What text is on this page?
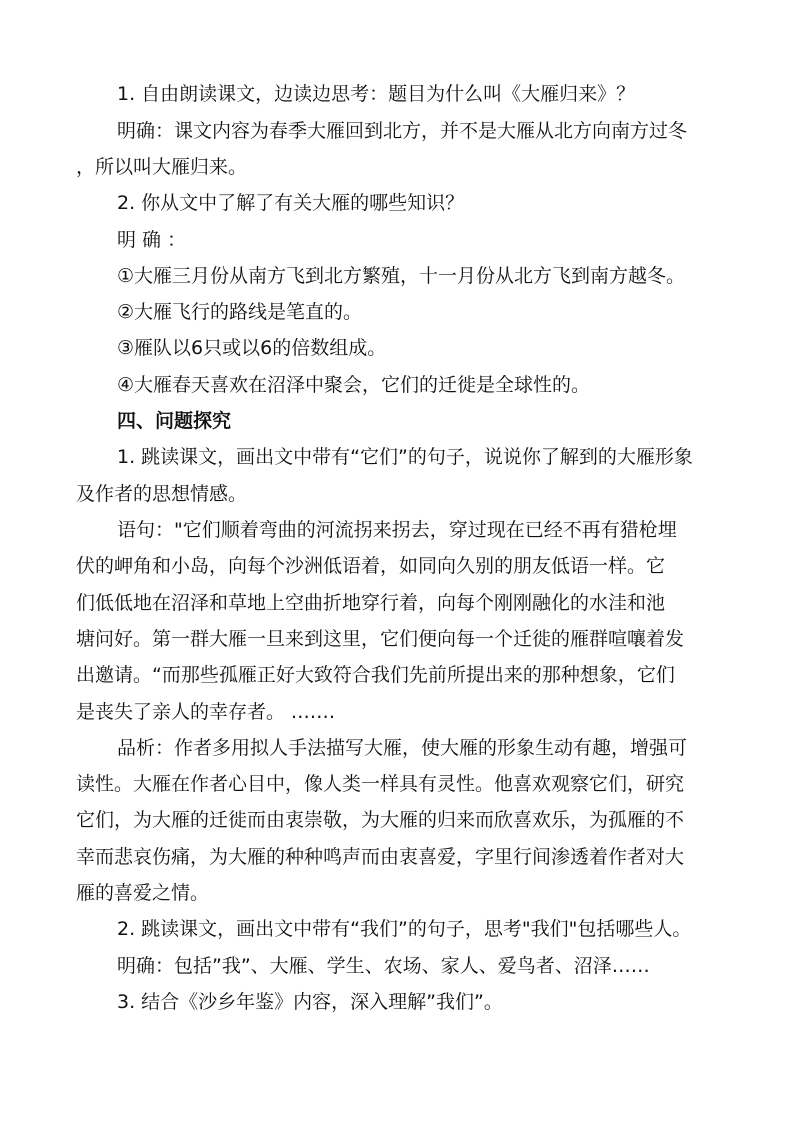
1. 自由朗读课文，边读边思考：题目为什么叫《大雁归来》？

明确：课文内容为春季大雁回到北方，并不是大雁从北方向南方过冬

，所以叫大雁归来。

2. 你从文中了解了有关大雁的哪些知识？

明 确 ：

①大雁三月份从南方飞到北方繁殖，十一月份从北方飞到南方越冬。

②大雁飞行的路线是笔直的。

③雁队以6只或以6的倍数组成。

④大雁春天喜欢在沼泽中聚会，它们的迁徙是全球性的。

四、问题探究

1. 跳读课文，画出文中带有“它们”的句子，说说你了解到的大雁形象

及作者的思想情感。

语句："它们顺着弯曲的河流拐来拐去，穿过现在已经不再有猎枪埋

伏的岬角和小岛，向每个沙洲低语着，如同向久别的朋友低语一样。它

们低低地在沼泽和草地上空曲折地穿行着，向每个刚刚融化的水洼和池

塘问好。第一群大雁一旦来到这里，它们便向每一个迁徙的雁群喧嚷着发

出邀请。“而那些孤雁正好大致符合我们先前所提出来的那种想象，它们

是丧失了亲人的幸存者。 .……

品析：作者多用拟人手法描写大雁，使大雁的形象生动有趣，增强可

读性。大雁在作者心目中，像人类一样具有灵性。他喜欢观察它们，研究

它们，为大雁的迁徙而由衷崇敬，为大雁的归来而欣喜欢乐，为孤雁的不

幸而悲哀伤痛，为大雁的种种鸣声而由衷喜爱，字里行间渗透着作者对大

雁的喜爱之情。

2. 跳读课文，画出文中带有“我们”的句子，思考"我们"包括哪些人。

明确：包括”我”、大雁、学生、农场、家人、爱鸟者、沼泽……

3. 结合《沙乡年鉴》内容，深入理解”我们”。
